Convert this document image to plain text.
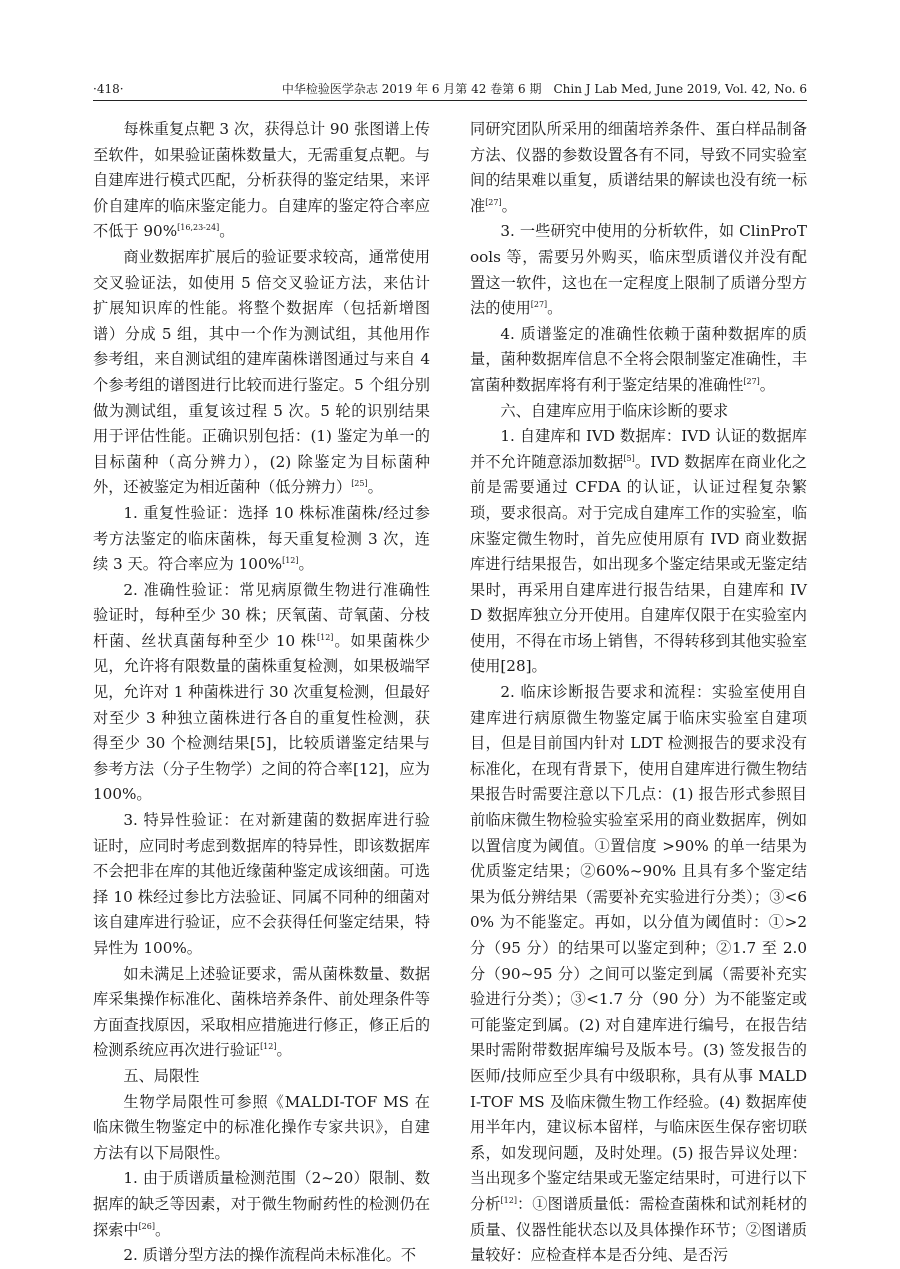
·418·	中华检验医学杂志 2019 年 6 月第 42 卷第 6 期　Chin J Lab Med, June 2019, Vol. 42, No. 6

每株重复点靶 3 次，获得总计 90 张图谱上传至软件，如果验证菌株数量大，无需重复点靶。与自建库进行模式匹配，分析获得的鉴定结果，来评价自建库的临床鉴定能力。自建库的鉴定符合率应不低于 90%[16,23-24]。

商业数据库扩展后的验证要求较高，通常使用交叉验证法，如使用 5 倍交叉验证方法，来估计扩展知识库的性能。将整个数据库（包括新增图谱）分成 5 组，其中一个作为测试组，其他用作参考组，来自测试组的建库菌株谱图通过与来自 4 个参考组的谱图进行比较而进行鉴定。5 个组分别做为测试组，重复该过程 5 次。5 轮的识别结果用于评估性能。正确识别包括：(1) 鉴定为单一的目标菌种（高分辨力），(2) 除鉴定为目标菌种外，还被鉴定为相近菌种（低分辨力）[25]。

1. 重复性验证：选择 10 株标准菌株/经过参考方法鉴定的临床菌株，每天重复检测 3 次，连续 3 天。符合率应为 100%[12]。

2. 准确性验证：常见病原微生物进行准确性验证时，每种至少 30 株；厌氧菌、苛氧菌、分枝杆菌、丝状真菌每种至少 10 株[12]。如果菌株少见，允许将有限数量的菌株重复检测，如果极端罕见，允许对 1 种菌株进行 30 次重复检测，但最好对至少 3 种独立菌株进行各自的重复性检测，获得至少 30 个检测结果[5]，比较质谱鉴定结果与参考方法（分子生物学）之间的符合率[12]，应为 100%。

3. 特异性验证：在对新建菌的数据库进行验证时，应同时考虑到数据库的特异性，即该数据库不会把非在库的其他近缘菌种鉴定成该细菌。可选择 10 株经过参比方法验证、同属不同种的细菌对该自建库进行验证，应不会获得任何鉴定结果，特异性为 100%。

如未满足上述验证要求，需从菌株数量、数据库采集操作标准化、菌株培养条件、前处理条件等方面查找原因，采取相应措施进行修正，修正后的检测系统应再次进行验证[12]。

五、局限性

生物学局限性可参照《MALDI-TOF MS 在临床微生物鉴定中的标准化操作专家共识》，自建方法有以下局限性。

1. 由于质谱质量检测范围（2~20）限制、数据库的缺乏等因素，对于微生物耐药性的检测仍在探索中[26]。

2. 质谱分型方法的操作流程尚未标准化。不

同研究团队所采用的细菌培养条件、蛋白样品制备方法、仪器的参数设置各有不同，导致不同实验室间的结果难以重复，质谱结果的解读也没有统一标准[27]。

3. 一些研究中使用的分析软件，如 ClinProTools 等，需要另外购买，临床型质谱仪并没有配置这一软件，这也在一定程度上限制了质谱分型方法的使用[27]。

4. 质谱鉴定的准确性依赖于菌种数据库的质量，菌种数据库信息不全将会限制鉴定准确性，丰富菌种数据库将有利于鉴定结果的准确性[27]。

六、自建库应用于临床诊断的要求

1. 自建库和 IVD 数据库：IVD 认证的数据库并不允许随意添加数据[5]。IVD 数据库在商业化之前是需要通过 CFDA 的认证，认证过程复杂繁琐，要求很高。对于完成自建库工作的实验室，临床鉴定微生物时，首先应使用原有 IVD 商业数据库进行结果报告，如出现多个鉴定结果或无鉴定结果时，再采用自建库进行报告结果，自建库和 IVD 数据库独立分开使用。自建库仅限于在实验室内使用，不得在市场上销售，不得转移到其他实验室使用[28]。

2. 临床诊断报告要求和流程：实验室使用自建库进行病原微生物鉴定属于临床实验室自建项目，但是目前国内针对 LDT 检测报告的要求没有标准化，在现有背景下，使用自建库进行微生物结果报告时需要注意以下几点：(1) 报告形式参照目前临床微生物检验实验室采用的商业数据库，例如以置信度为阈值。①置信度 >90% 的单一结果为优质鉴定结果；②60%~90% 且具有多个鉴定结果为低分辨结果（需要补充实验进行分类）；③<60% 为不能鉴定。再如，以分值为阈值时：①>2 分（95 分）的结果可以鉴定到种；②1.7 至 2.0 分（90~95 分）之间可以鉴定到属（需要补充实验进行分类）；③<1.7 分（90 分）为不能鉴定或可能鉴定到属。(2) 对自建库进行编号，在报告结果时需附带数据库编号及版本号。(3) 签发报告的医师/技师应至少具有中级职称，具有从事 MALDI-TOF MS 及临床微生物工作经验。(4) 数据库使用半年内，建议标本留样，与临床医生保存密切联系，如发现问题，及时处理。(5) 报告异议处理：当出现多个鉴定结果或无鉴定结果时，可进行以下分析[12]：①图谱质量低：需检查菌株和试剂耗材的质量、仪器性能状态以及具体操作环节；②图谱质量较好：应检查样本是否分纯、是否污
